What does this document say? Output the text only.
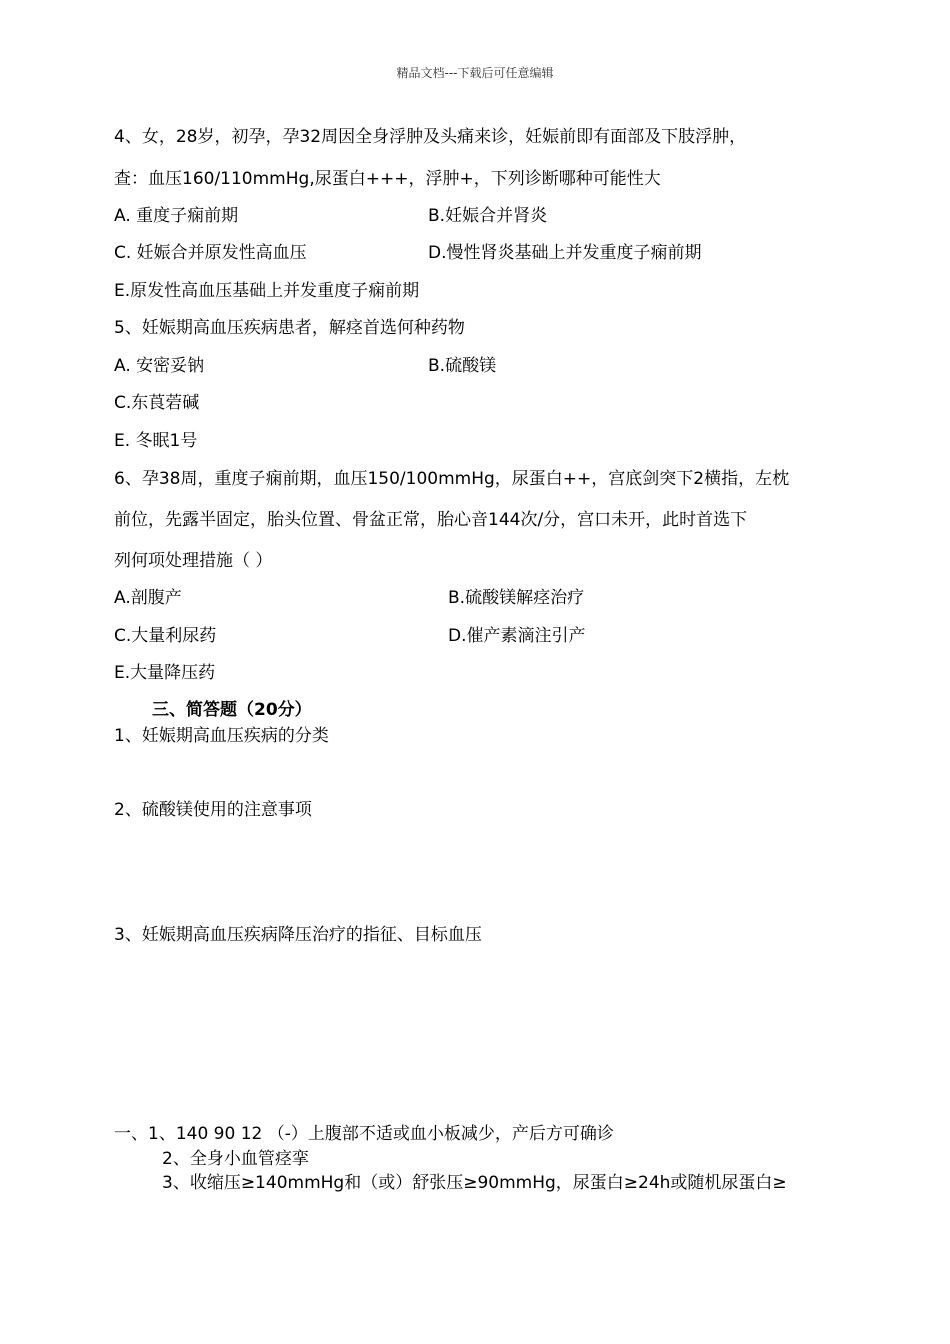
精品文档---下载后可任意编辑
4、女，28岁，初孕，孕32周因全身浮肿及头痛来诊，妊娠前即有面部及下肢浮肿，
查：血压160/110mmHg,尿蛋白+++，浮肿+，下列诊断哪种可能性大
A. 重度子痫前期	B.妊娠合并肾炎
C. 妊娠合并原发性高血压	D.慢性肾炎基础上并发重度子痫前期
E.原发性高血压基础上并发重度子痫前期
5、妊娠期高血压疾病患者，解痉首选何种药物
A. 安密妥钠	B.硫酸镁
C.东莨菪碱
E. 冬眠1号
6、孕38周，重度子痫前期，血压150/100mmHg，尿蛋白++，宫底剑突下2横指，左枕
前位，先露半固定，胎头位置、骨盆正常，胎心音144次/分，宫口未开，此时首选下
列何项处理措施（ ）
A.剖腹产	B.硫酸镁解痉治疗
C.大量利尿药	D.催产素滴注引产
E.大量降压药
三、简答题（20分）
1、妊娠期高血压疾病的分类
2、硫酸镁使用的注意事项
3、妊娠期高血压疾病降压治疗的指征、目标血压
一、1、140 90 12 （-）上腹部不适或血小板减少，产后方可确诊
2、全身小血管痉挛
3、收缩压≥140mmHg和（或）舒张压≥90mmHg，尿蛋白≥24h或随机尿蛋白≥
